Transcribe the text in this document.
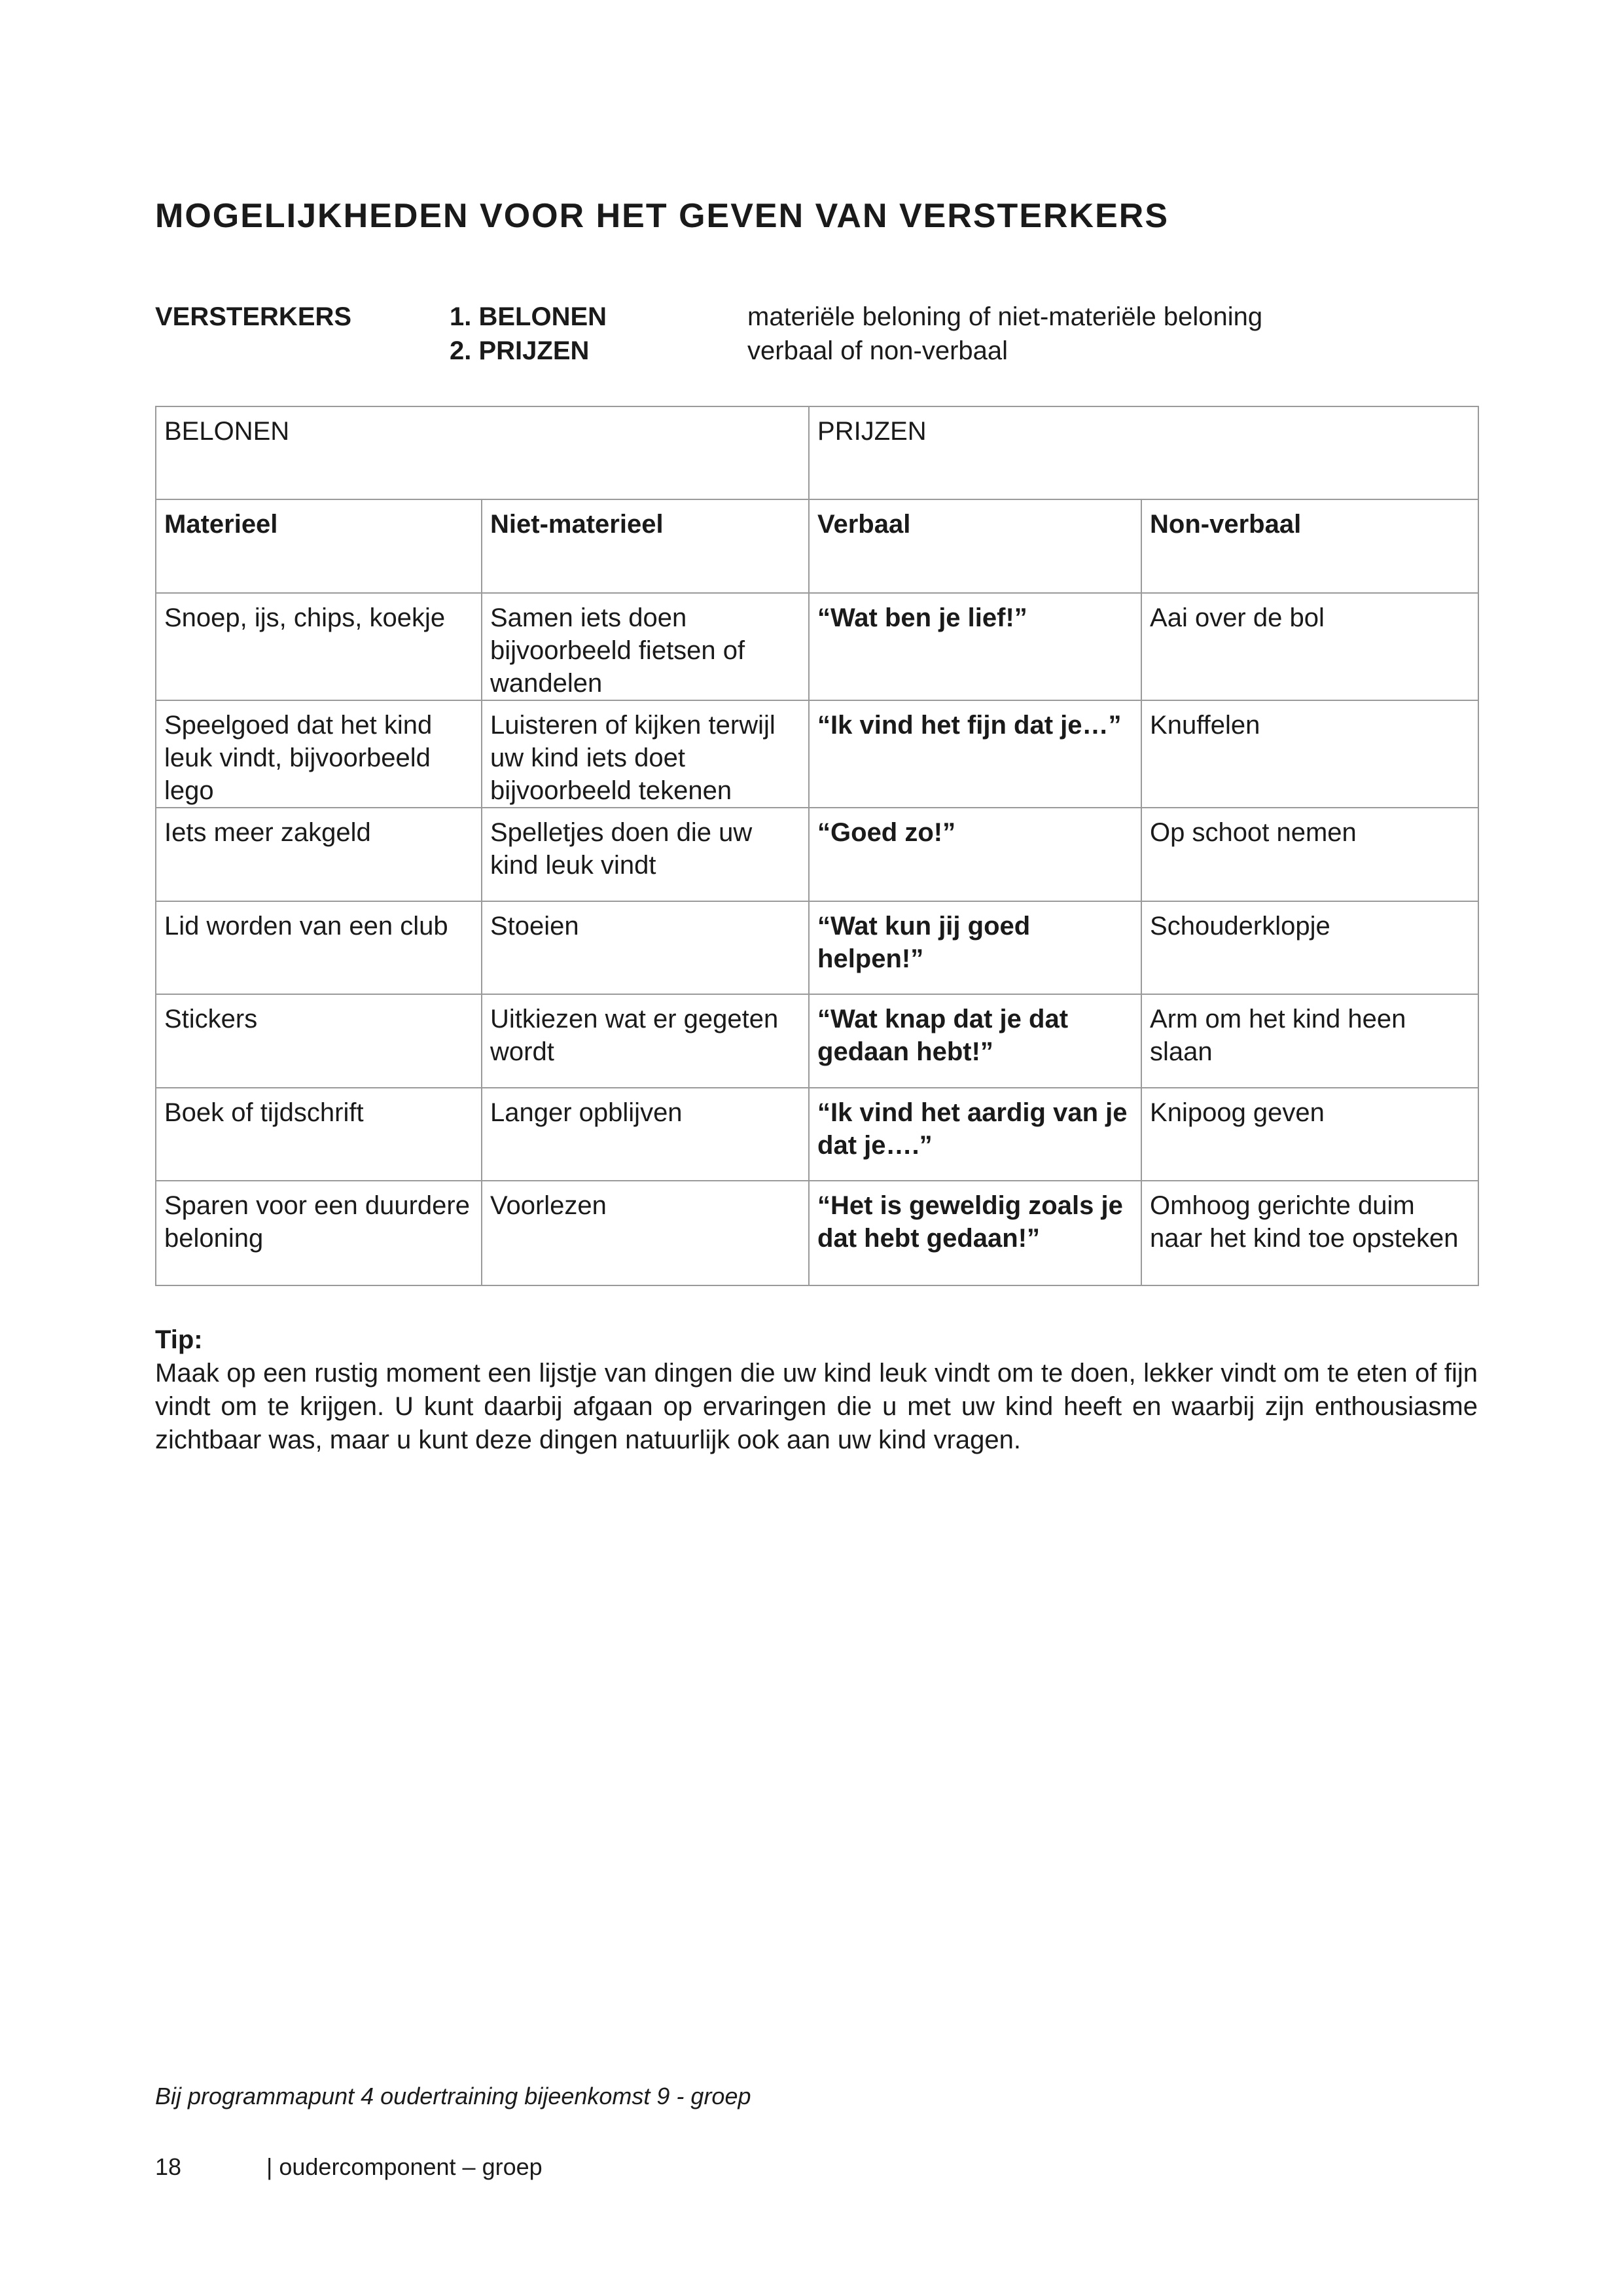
MOGELIJKHEDEN VOOR HET GEVEN VAN VERSTERKERS
VERSTERKERS	1. BELONEN
2. PRIJZEN
materiële beloning of niet-materiële beloning
verbaal of non-verbaal
BELONEN		PRIJZEN	
Materieel	Niet-materieel	Verbaal	Non-verbaal
Snoep, ijs, chips, koekje	Samen iets doen bijvoorbeeld fietsen of wandelen	“Wat ben je lief!”	Aai over de bol
Speelgoed dat het kind leuk vindt, bijvoorbeeld lego	Luisteren of kijken terwijl uw kind iets doet bijvoorbeeld tekenen	“Ik vind het fijn dat je…”	Knuffelen
Iets meer zakgeld	Spelletjes doen die uw kind leuk vindt	“Goed zo!”	Op schoot nemen
Lid worden van een club	Stoeien	“Wat kun jij goed helpen!”	Schouderklopje
Stickers	Uitkiezen wat er gegeten wordt	“Wat knap dat je dat gedaan hebt!”	Arm om het kind heen slaan
Boek of tijdschrift	Langer opblijven	“Ik vind het aardig van je dat je….”	Knipoog geven
Sparen voor een duurdere beloning	Voorlezen	“Het is geweldig zoals je dat hebt gedaan!”	Omhoog gerichte duim naar het kind toe opsteken
Tip:
Maak op een rustig moment een lijstje van dingen die uw kind leuk vindt om te doen, lekker vindt om te eten of fijn vindt om te krijgen. U kunt daarbij afgaan op ervaringen die u met uw kind heeft en waarbij zijn enthousiasme zichtbaar was, maar u kunt deze dingen natuurlijk ook aan uw kind vragen.
Bij programmapunt 4 oudertraining bijeenkomst 9 - groep
18	| oudercomponent – groep
